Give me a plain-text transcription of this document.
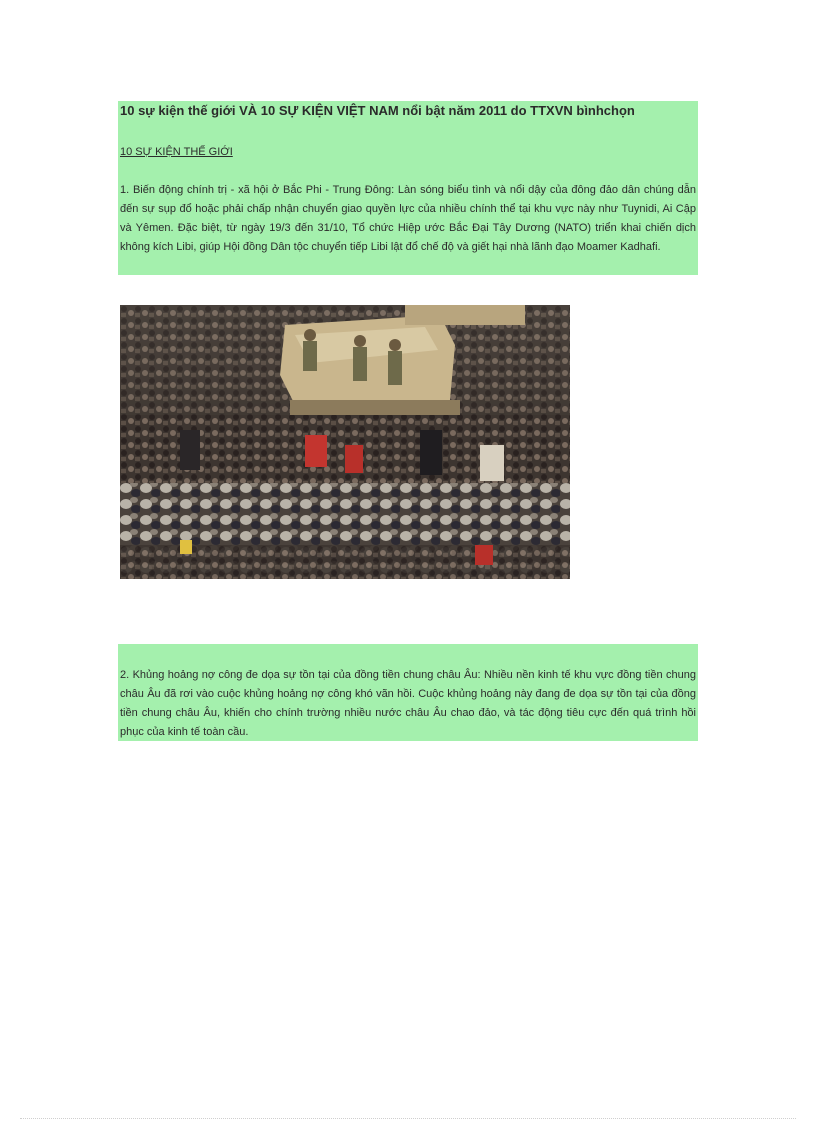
10 sự kiện thế giới VÀ 10 SỰ KIỆN VIỆT NAM nổi bật năm 2011 do TTXVN bìnhchọn
10 SỰ KIỆN THẾ GIỚI
1. Biến động chính trị - xã hội ở Bắc Phi - Trung Đông: Làn sóng biểu tình và nổi dậy của đông đảo dân chúng dẫn đến sự sụp đổ hoặc phải chấp nhận chuyển giao quyền lực của nhiều chính thể tại khu vực này như Tuynidi, Ai Cập và Yêmen. Đặc biệt, từ ngày 19/3 đến 31/10, Tổ chức Hiệp ước Bắc Đại Tây Dương (NATO) triển khai chiến dịch không kích Libi, giúp Hội đồng Dân tộc chuyển tiếp Libi lật đổ chế độ và giết hại nhà lãnh đạo Moamer Kadhafi.
2. Khủng hoảng nợ công đe dọa sự tồn tại của đồng tiền chung châu Âu: Nhiều nền kinh tế khu vực đồng tiền chung châu Âu đã rơi vào cuộc khủng hoảng nợ công khó vãn hồi. Cuộc khủng hoảng này đang đe dọa sự tồn tại của đồng tiền chung châu Âu, khiến cho chính trường nhiều nước châu Âu chao đảo, và tác động tiêu cực đến quá trình hồi phục của kinh tế toàn cầu.
